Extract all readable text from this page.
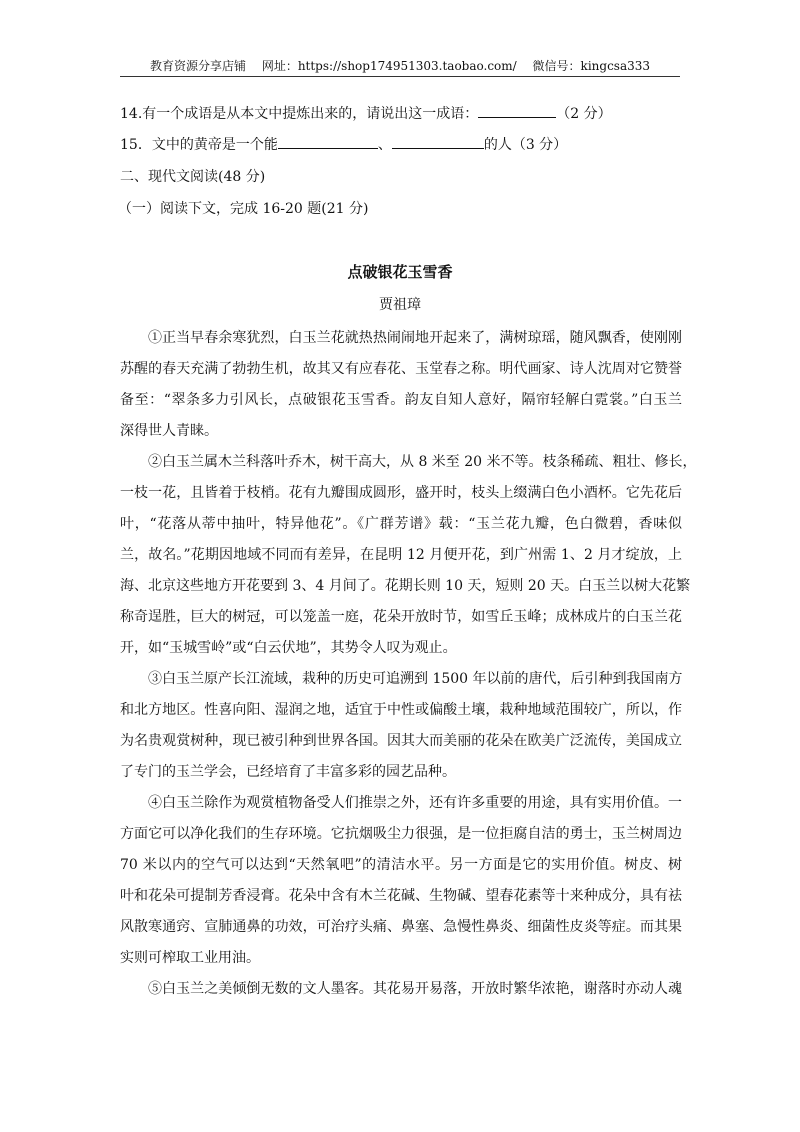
教育资源分享店铺 网址：https://shop174951303.taobao.com/ 微信号：kingcsa333
14.有一个成语是从本文中提炼出来的，请说出这一成语：	（2 分）
15．文中的黄帝是一个能	、	的人（3 分）
二、现代文阅读(48 分)
（一）阅读下文，完成 16-20 题(21 分)
点破银花玉雪香
贾祖璋
①正当早春余寒犹烈，白玉兰花就热热闹闹地开起来了，满树琼瑶，随风飘香，使刚刚
苏醒的春天充满了勃勃生机，故其又有应春花、玉堂春之称。明代画家、诗人沈周对它赞誉
备至：“翠条多力引风长，点破银花玉雪香。韵友自知人意好，隔帘轻解白霓裳。”白玉兰
深得世人青睐。
②白玉兰属木兰科落叶乔木，树干高大，从 8 米至 20 米不等。枝条稀疏、粗壮、修长，
一枝一花，且皆着于枝梢。花有九瓣围成圆形，盛开时，枝头上缀满白色小酒杯。它先花后
叶，“花落从蒂中抽叶，特异他花”。《广群芳谱》载：“玉兰花九瓣，色白微碧，香味似
兰，故名。”花期因地域不同而有差异，在昆明 12 月便开花，到广州需 1、2 月才绽放，上
海、北京这些地方开花要到 3、4 月间了。花期长则 10 天，短则 20 天。白玉兰以树大花繁
称奇逞胜，巨大的树冠，可以笼盖一庭，花朵开放时节，如雪丘玉峰；成林成片的白玉兰花
开，如“玉城雪岭”或“白云伏地”，其势令人叹为观止。
③白玉兰原产长江流域，栽种的历史可追溯到 1500 年以前的唐代，后引种到我国南方
和北方地区。性喜向阳、湿润之地，适宜于中性或偏酸土壤，栽种地域范围较广，所以，作
为名贵观赏树种，现已被引种到世界各国。因其大而美丽的花朵在欧美广泛流传，美国成立
了专门的玉兰学会，已经培育了丰富多彩的园艺品种。
④白玉兰除作为观赏植物备受人们推崇之外，还有许多重要的用途，具有实用价值。一
方面它可以净化我们的生存环境。它抗烟吸尘力很强，是一位拒腐自洁的勇士，玉兰树周边
70 米以内的空气可以达到“天然氧吧”的清洁水平。另一方面是它的实用价值。树皮、树
叶和花朵可提制芳香浸膏。花朵中含有木兰花碱、生物碱、望春花素等十来种成分，具有祛
风散寒通窍、宣肺通鼻的功效，可治疗头痛、鼻塞、急慢性鼻炎、细菌性皮炎等症。而其果
实则可榨取工业用油。
⑤白玉兰之美倾倒无数的文人墨客。其花易开易落，开放时繁华浓艳，谢落时亦动人魂
